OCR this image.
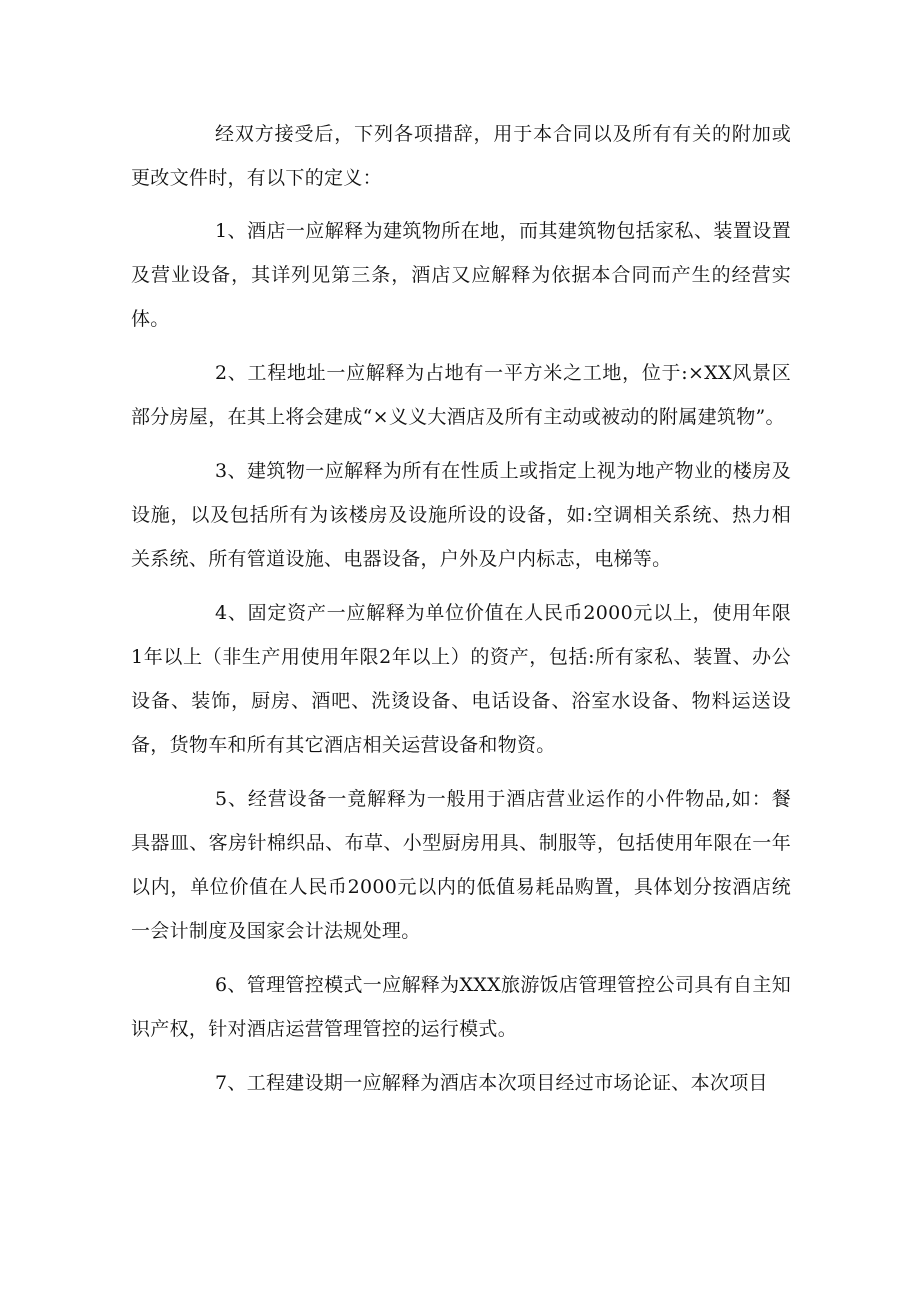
经双方接受后，下列各项措辞，用于本合同以及所有有关的附加或更改文件时，有以下的定义：

1、酒店一应解释为建筑物所在地，而其建筑物包括家私、装置设置及营业设备，其详列见第三条，酒店又应解释为依据本合同而产生的经营实体。

2、工程地址一应解释为占地有一平方米之工地，位于:×XX风景区部分房屋，在其上将会建成“×义义大酒店及所有主动或被动的附属建筑物”。

3、建筑物一应解释为所有在性质上或指定上视为地产物业的楼房及设施，以及包括所有为该楼房及设施所设的设备，如:空调相关系统、热力相关系统、所有管道设施、电器设备，户外及户内标志，电梯等。

4、固定资产一应解释为单位价值在人民币2000元以上，使用年限1年以上（非生产用使用年限2年以上）的资产，包括:所有家私、装置、办公设备、装饰，厨房、酒吧、洗烫设备、电话设备、浴室水设备、物料运送设备，货物车和所有其它酒店相关运营设备和物资。

5、经营设备一竟解释为一般用于酒店营业运作的小件物品,如：餐具器皿、客房针棉织品、布草、小型厨房用具、制服等，包括使用年限在一年以内，单位价值在人民币2000元以内的低值易耗品购置，具体划分按酒店统一会计制度及国家会计法规处理。

6、管理管控模式一应解释为XXX旅游饭店管理管控公司具有自主知识产权，针对酒店运营管理管控的运行模式。

7、工程建设期一应解释为酒店本次项目经过市场论证、本次项目
